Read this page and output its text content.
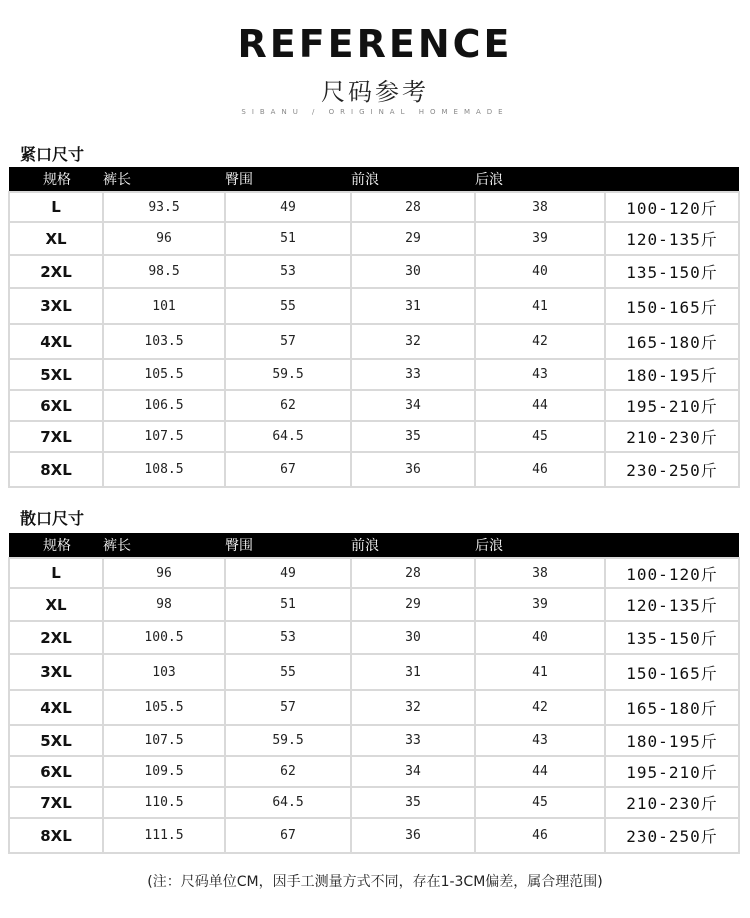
REFERENCE
尺码参考
SIBANU / ORIGINAL HOMEMADE
紧口尺寸
规格	裤长	臀围	前浪	后浪	
L	93.5	49	28	38	100-120斤
XL	96	51	29	39	120-135斤
2XL	98.5	53	30	40	135-150斤
3XL	101	55	31	41	150-165斤
4XL	103.5	57	32	42	165-180斤
5XL	105.5	59.5	33	43	180-195斤
6XL	106.5	62	34	44	195-210斤
7XL	107.5	64.5	35	45	210-230斤
8XL	108.5	67	36	46	230-250斤
散口尺寸
规格	裤长	臀围	前浪	后浪	
L	96	49	28	38	100-120斤
XL	98	51	29	39	120-135斤
2XL	100.5	53	30	40	135-150斤
3XL	103	55	31	41	150-165斤
4XL	105.5	57	32	42	165-180斤
5XL	107.5	59.5	33	43	180-195斤
6XL	109.5	62	34	44	195-210斤
7XL	110.5	64.5	35	45	210-230斤
8XL	111.5	67	36	46	230-250斤
(注：尺码单位CM，因手工测量方式不同，存在1-3CM偏差，属合理范围)
